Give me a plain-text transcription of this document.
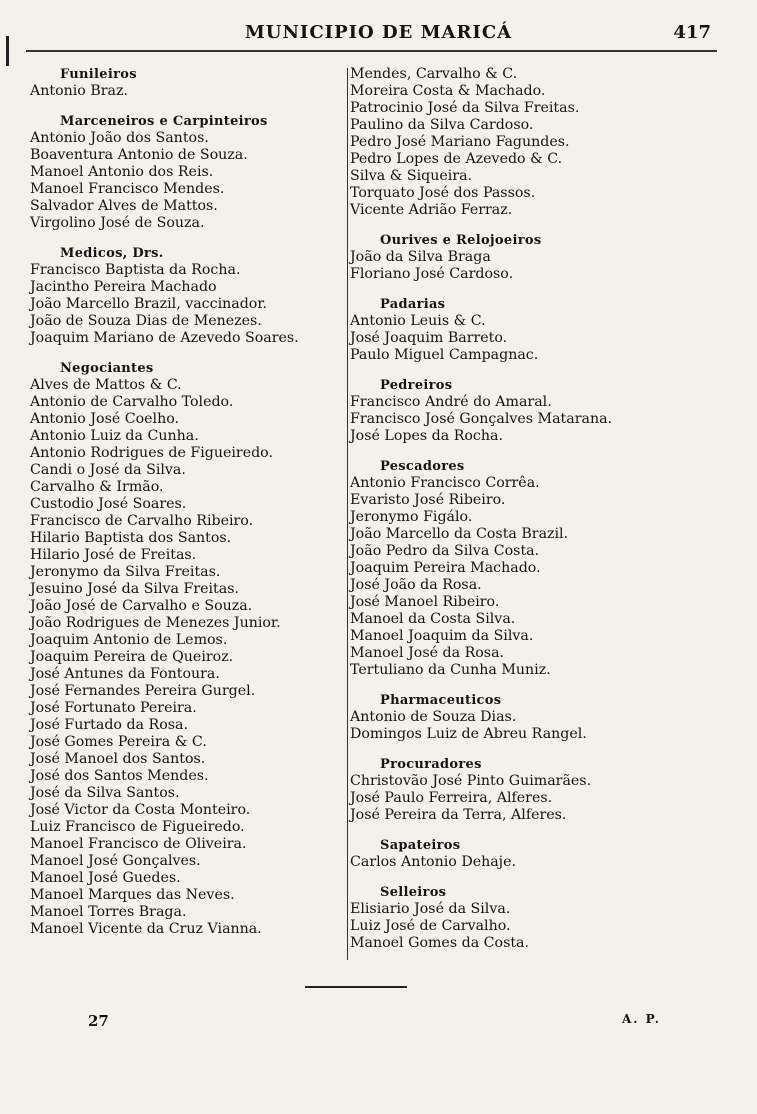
MUNICIPIO DE MARICÁ	417
Funileiros
Antonio Braz.
Marceneiros e Carpinteiros
Antonio João dos Santos.
Boaventura Antonio de Souza.
Manoel Antonio dos Reis.
Manoel Francisco Mendes.
Salvador Alves de Mattos.
Virgolino José de Souza.
Medicos, Drs.
Francisco Baptista da Rocha.
Jacintho Pereira Machado
João Marcello Brazil, vaccinador.
João de Souza Dias de Menezes.
Joaquim Mariano de Azevedo Soares.
Negociantes
Alves de Mattos & C.
Antonio de Carvalho Toledo.
Antonio José Coelho.
Antonio Luiz da Cunha.
Antonio Rodrigues de Figueiredo.
Candi o José da Silva.
Carvalho & Irmão.
Custodio José Soares.
Francisco de Carvalho Ribeiro.
Hilario Baptista dos Santos.
Hilario José de Freitas.
Jeronymo da Silva Freitas.
Jesuino José da Silva Freitas.
João José de Carvalho e Souza.
João Rodrigues de Menezes Junior.
Joaquim Antonio de Lemos.
Joaquim Pereira de Queiroz.
José Antunes da Fontoura.
José Fernandes Pereira Gurgel.
José Fortunato Pereira.
José Furtado da Rosa.
José Gomes Pereira & C.
José Manoel dos Santos.
José dos Santos Mendes.
José da Silva Santos.
José Victor da Costa Monteiro.
Luiz Francisco de Figueiredo.
Manoel Francisco de Oliveira.
Manoel José Gonçalves.
Manoel José Guedes.
Manoel Marques das Neves.
Manoel Torres Braga.
Manoel Vicente da Cruz Vianna.
Mendes, Carvalho & C.
Moreira Costa & Machado.
Patrocinio José da Silva Freitas.
Paulino da Silva Cardoso.
Pedro José Mariano Fagundes.
Pedro Lopes de Azevedo & C.
Silva & Siqueira.
Torquato José dos Passos.
Vicente Adrião Ferraz.
Ourives e Relojoeiros
João da Silva Braga
Floriano José Cardoso.
Padarias
Antonio Leuis & C.
José Joaquim Barreto.
Paulo Miguel Campagnac.
Pedreiros
Francisco André do Amaral.
Francisco José Gonçalves Matarana.
José Lopes da Rocha.
Pescadores
Antonio Francisco Corrêa.
Evaristo José Ribeiro.
Jeronymo Figálo.
João Marcello da Costa Brazil.
João Pedro da Silva Costa.
Joaquim Pereira Machado.
José João da Rosa.
José Manoel Ribeiro.
Manoel da Costa Silva.
Manoel Joaquim da Silva.
Manoel José da Rosa.
Tertuliano da Cunha Muniz.
Pharmaceuticos
Antonio de Souza Dias.
Domingos Luiz de Abreu Rangel.
Procuradores
Christovão José Pinto Guimarães.
José Paulo Ferreira, Alferes.
José Pereira da Terra, Alferes.
Sapateiros
Carlos Antonio Dehaje.
Selleiros
Elisiario José da Silva.
Luiz José de Carvalho.
Manoel Gomes da Costa.
27	A. P.
